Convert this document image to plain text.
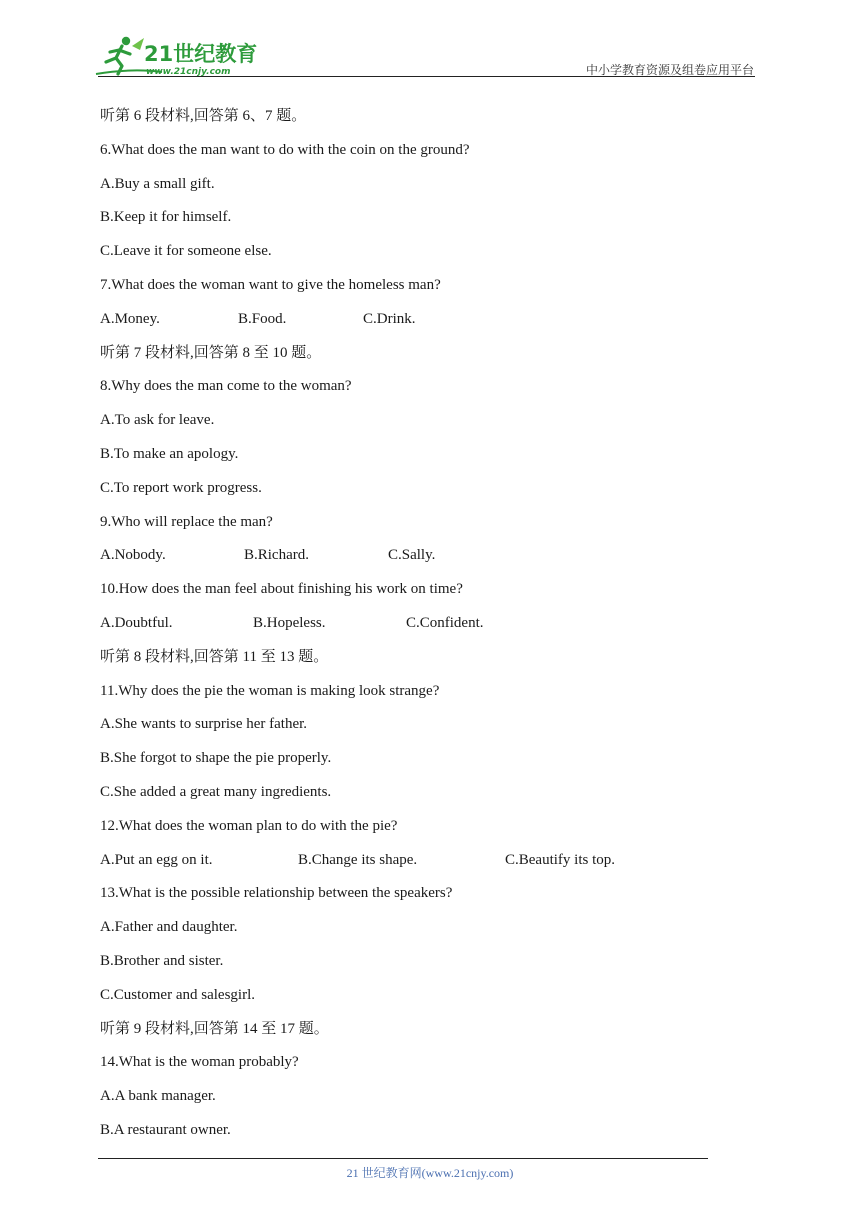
21世纪教育
www.21cnjy.com	中小学教育资源及组卷应用平台
听第 6 段材料,回答第 6、7 题。
6.What does the man want to do with the coin on the ground?
A.Buy a small gift.
B.Keep it for himself.
C.Leave it for someone else.
7.What does the woman want to give the homeless man?
A.Money.	B.Food.	C.Drink.
听第 7 段材料,回答第 8 至 10 题。
8.Why does the man come to the woman?
A.To ask for leave.
B.To make an apology.
C.To report work progress.
9.Who will replace the man?
A.Nobody.	B.Richard.	C.Sally.
10.How does the man feel about finishing his work on time?
A.Doubtful.	B.Hopeless.	C.Confident.
听第 8 段材料,回答第 11 至 13 题。
11.Why does the pie the woman is making look strange?
A.She wants to surprise her father.
B.She forgot to shape the pie properly.
C.She added a great many ingredients.
12.What does the woman plan to do with the pie?
A.Put an egg on it.	B.Change its shape.	C.Beautify its top.
13.What is the possible relationship between the speakers?
A.Father and daughter.
B.Brother and sister.
C.Customer and salesgirl.
听第 9 段材料,回答第 14 至 17 题。
14.What is the woman probably?
A.A bank manager.
B.A restaurant owner.
21 世纪教育网(www.21cnjy.com)
